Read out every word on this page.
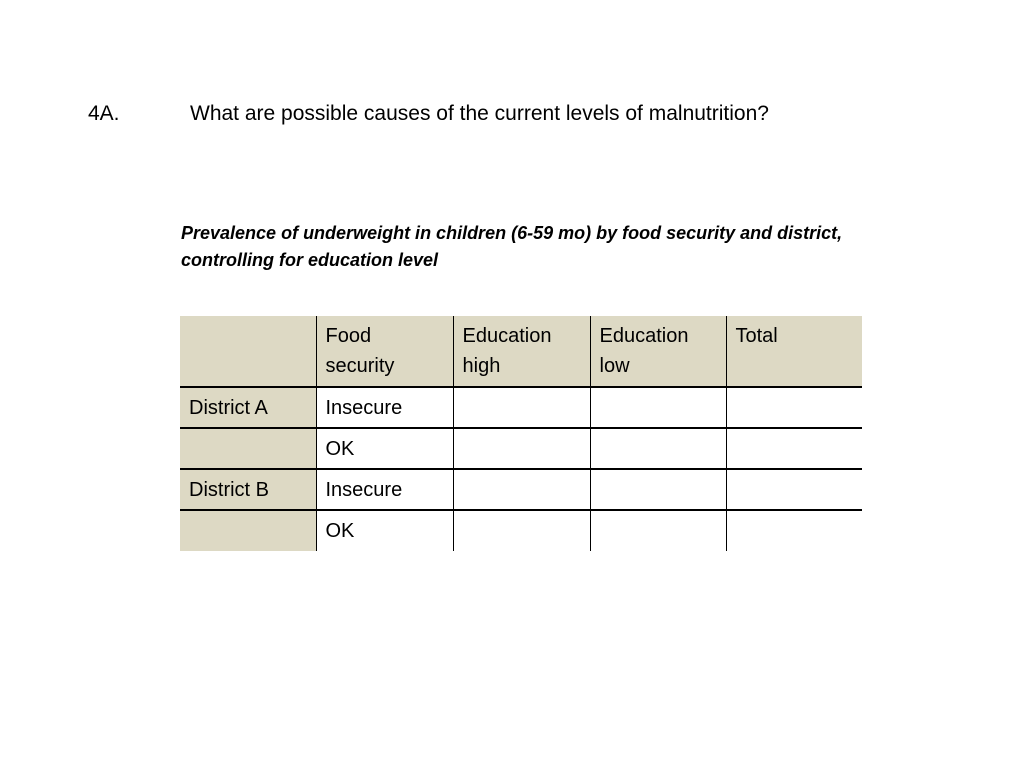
4A.	What are possible causes of the current levels of malnutrition?
Prevalence of underweight in children (6-59 mo) by food security and district, controlling for education level
	Food security	Education high	Education low	Total
District A	Insecure			
	OK			
District B	Insecure			
	OK			
